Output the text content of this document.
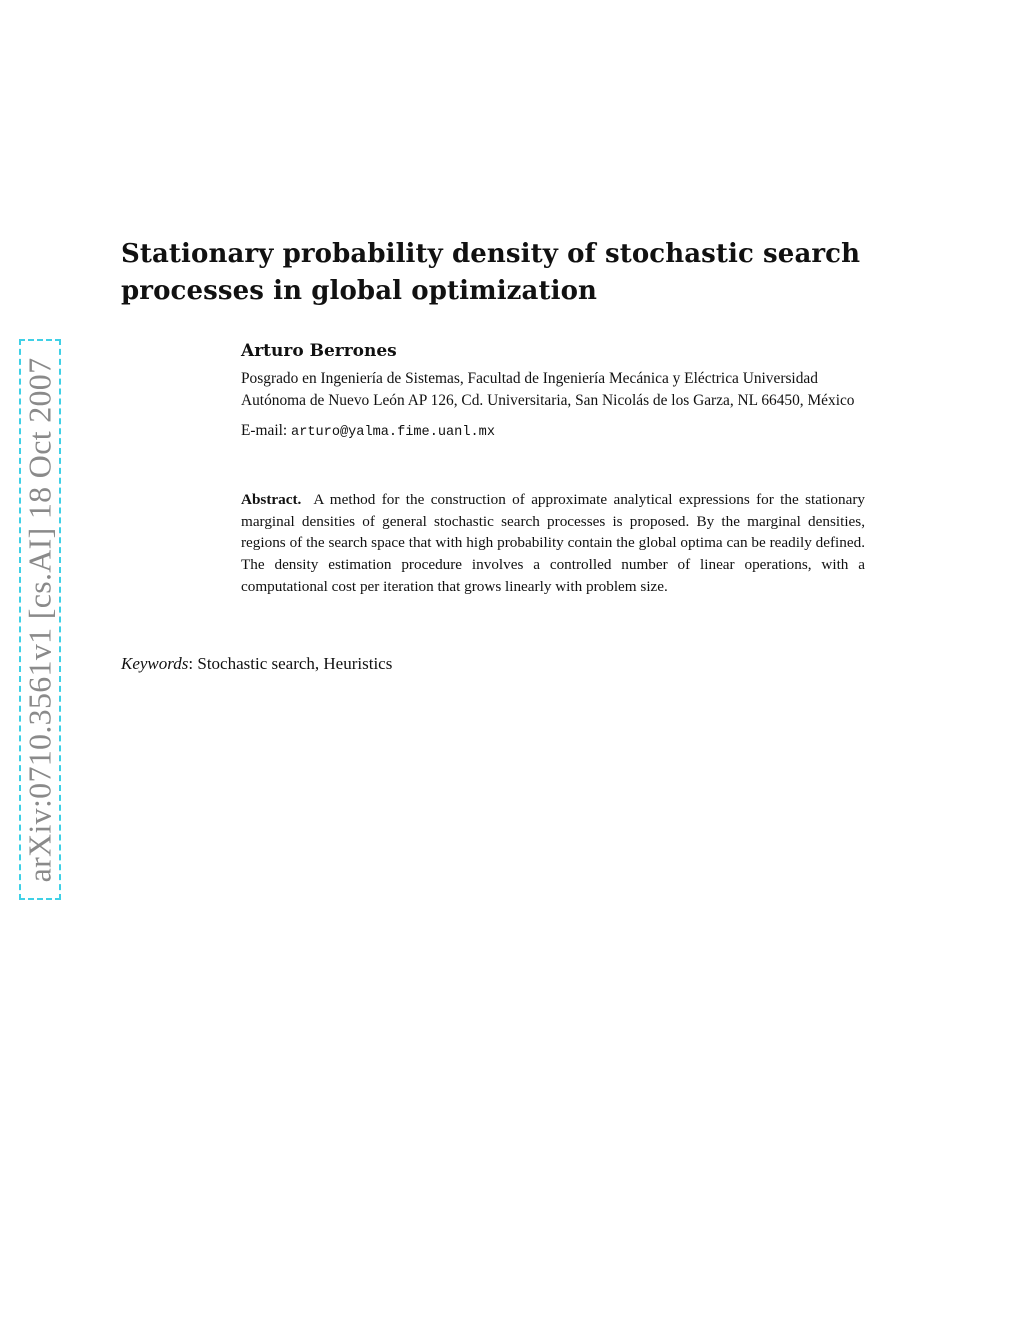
arXiv:0710.3561v1 [cs.AI] 18 Oct 2007
Stationary probability density of stochastic search processes in global optimization

Arturo Berrones

Posgrado en Ingeniería de Sistemas, Facultad de Ingeniería Mecánica y Eléctrica Universidad Autónoma de Nuevo León AP 126, Cd. Universitaria, San Nicolás de los Garza, NL 66450, México

E-mail: arturo@yalma.fime.uanl.mx

Abstract. A method for the construction of approximate analytical expressions for the stationary marginal densities of general stochastic search processes is proposed. By the marginal densities, regions of the search space that with high probability contain the global optima can be readily defined. The density estimation procedure involves a controlled number of linear operations, with a computational cost per iteration that grows linearly with problem size.

Keywords: Stochastic search, Heuristics
